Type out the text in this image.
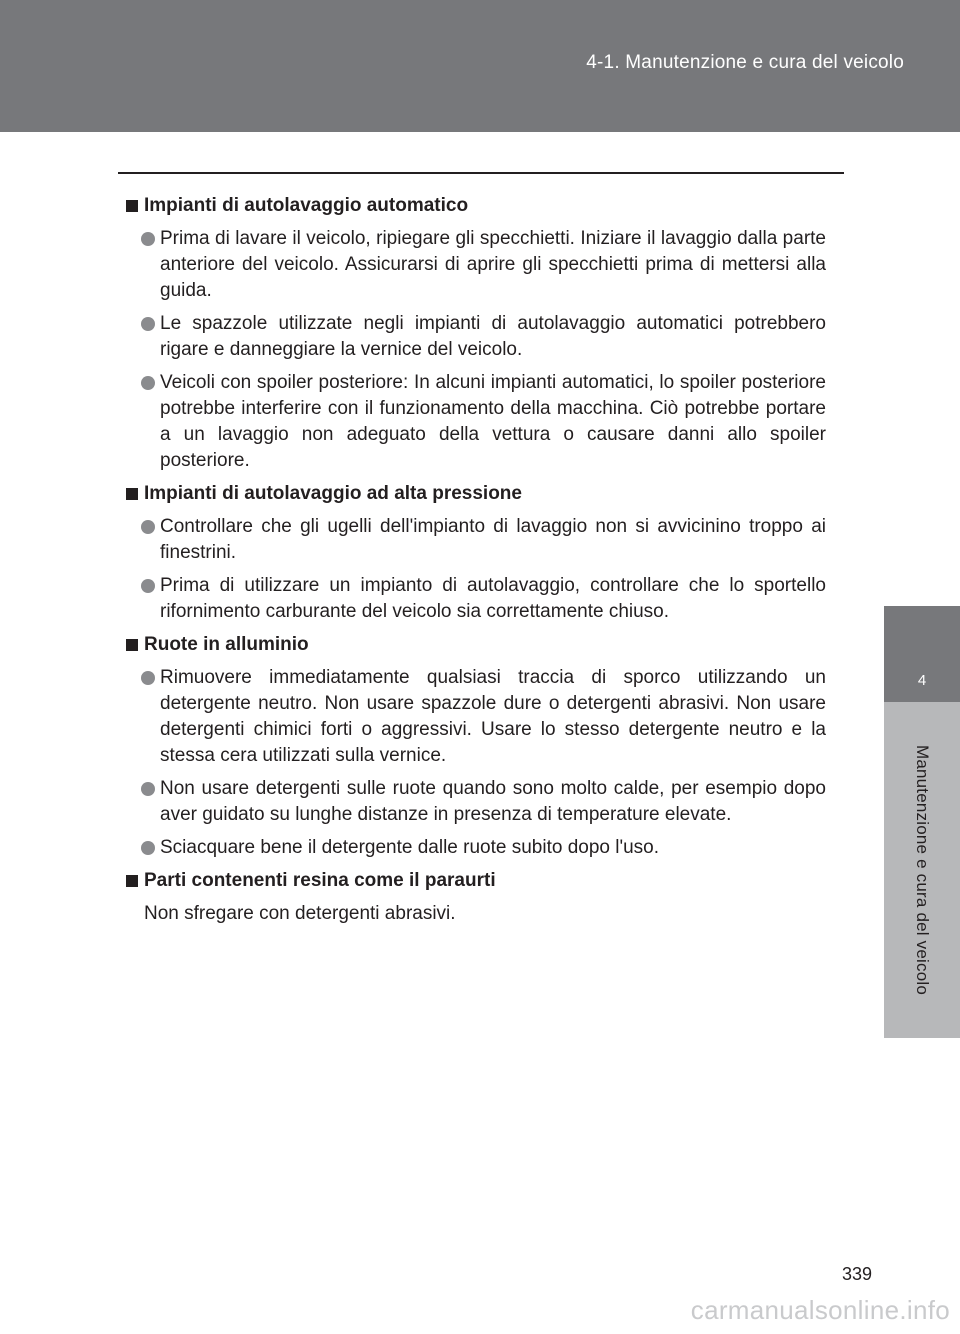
4-1. Manutenzione e cura del veicolo
4
Manutenzione e cura del veicolo
Impianti di autolavaggio automatico
Prima di lavare il veicolo, ripiegare gli specchietti. Iniziare il lavaggio dalla parte anteriore del veicolo. Assicurarsi di aprire gli specchietti prima di mettersi alla guida.
Le spazzole utilizzate negli impianti di autolavaggio automatici potrebbero rigare e danneggiare la vernice del veicolo.
Veicoli con spoiler posteriore: In alcuni impianti automatici, lo spoiler posteriore potrebbe interferire con il funzionamento della macchina. Ciò potrebbe portare a un lavaggio non adeguato della vettura o causare danni allo spoiler posteriore.
Impianti di autolavaggio ad alta pressione
Controllare che gli ugelli dell'impianto di lavaggio non si avvicinino troppo ai finestrini.
Prima di utilizzare un impianto di autolavaggio, controllare che lo sportello rifornimento carburante del veicolo sia correttamente chiuso.
Ruote in alluminio
Rimuovere immediatamente qualsiasi traccia di sporco utilizzando un detergente neutro. Non usare spazzole dure o detergenti abrasivi. Non usare detergenti chimici forti o aggressivi. Usare lo stesso detergente neutro e la stessa cera utilizzati sulla vernice.
Non usare detergenti sulle ruote quando sono molto calde, per esempio dopo aver guidato su lunghe distanze in presenza di temperature elevate.
Sciacquare bene il detergente dalle ruote subito dopo l'uso.
Parti contenenti resina come il paraurti
Non sfregare con detergenti abrasivi.
339
carmanualsonline.info
